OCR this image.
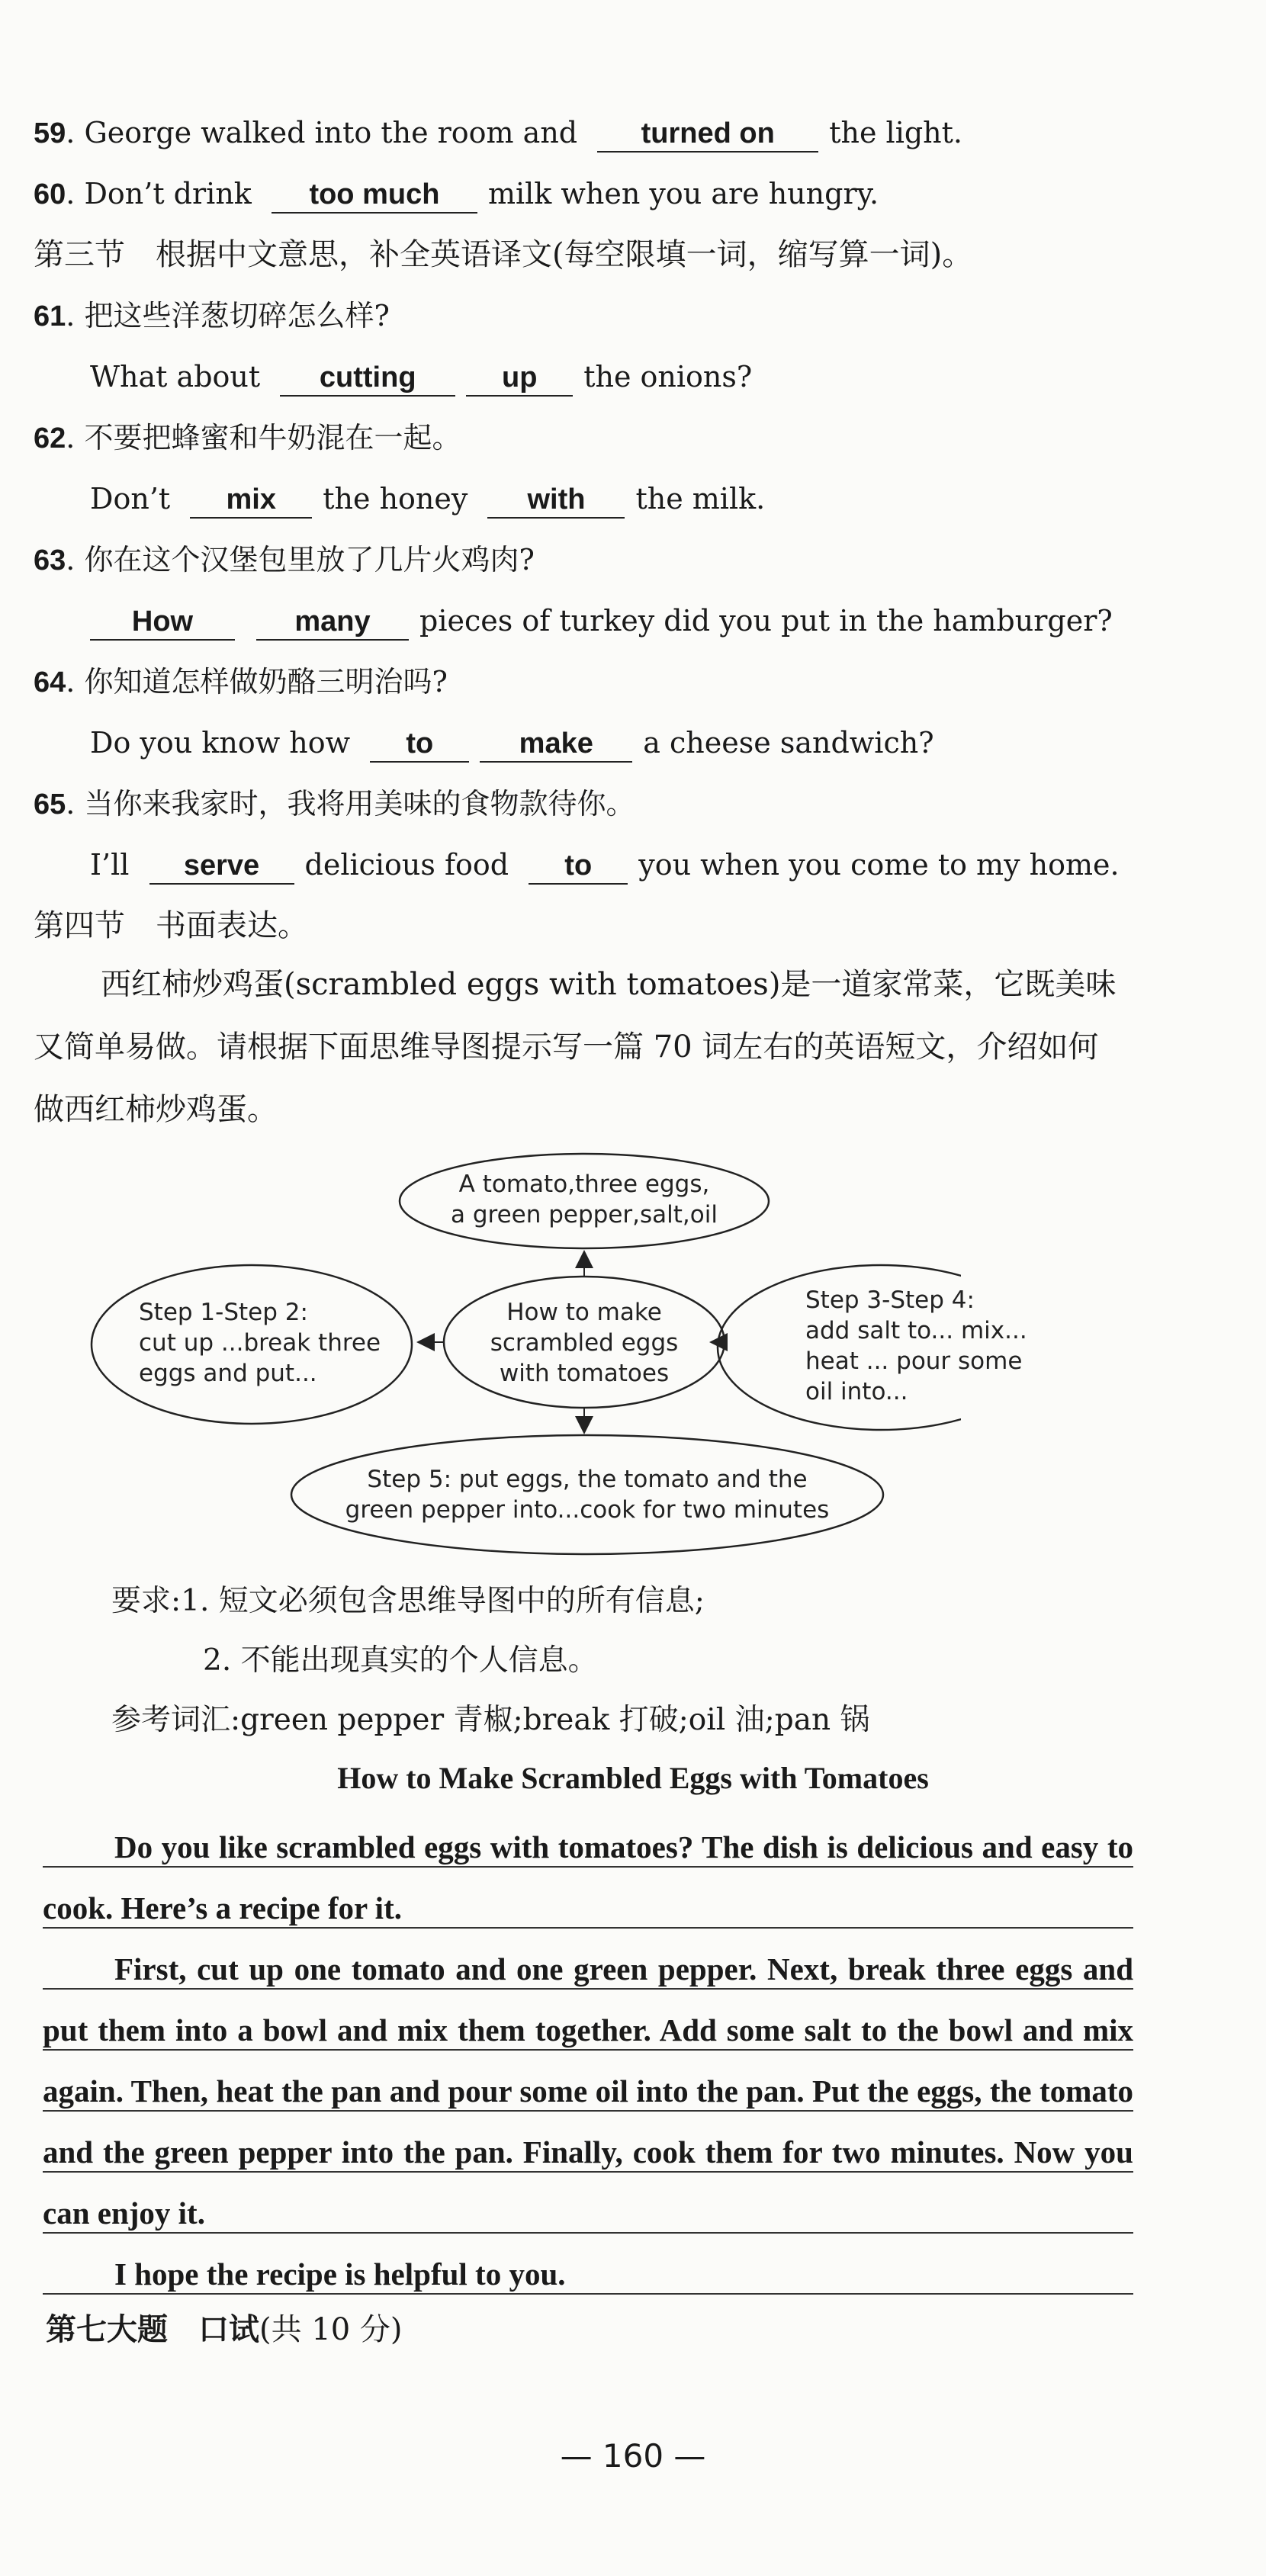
59. George walked into the room and turned on the light.
60. Don’t drink too much milk when you are hungry.
第三节　根据中文意思，补全英语译文(每空限填一词，缩写算一词)。
61. 把这些洋葱切碎怎么样?
What about cutting	up the onions?
62. 不要把蜂蜜和牛奶混在一起。
Don’t mix the honey with the milk.
63. 你在这个汉堡包里放了几片火鸡肉?
How	many pieces of turkey did you put in the hamburger?
64. 你知道怎样做奶酪三明治吗?
Do you know how to	make a cheese sandwich?
65. 当你来我家时，我将用美味的食物款待你。
I’ll serve delicious food to you when you come to my home.
第四节　书面表达。
西红柿炒鸡蛋(scrambled eggs with tomatoes)是一道家常菜，它既美味又简单易做。请根据下面思维导图提示写一篇 70 词左右的英语短文，介绍如何做西红柿炒鸡蛋。
A tomato,three eggs,
a green pepper,salt,oil
Step 1-Step 2:
cut up ...break three
eggs and put...
How to make
scrambled eggs
with tomatoes
Step 3-Step 4:
add salt to... mix...
heat ... pour some
oil into...
Step 5: put eggs, the tomato and the
green pepper into...cook for two minutes
要求:1. 短文必须包含思维导图中的所有信息;
2. 不能出现真实的个人信息。
参考词汇:green pepper 青椒;break 打破;oil 油;pan 锅
How to Make Scrambled Eggs with Tomatoes

Do you like scrambled eggs with tomatoes? The dish is delicious and easy to cook. Here’s a recipe for it.

First, cut up one tomato and one green pepper. Next, break three eggs and put them into a bowl and mix them together. Add some salt to the bowl and mix again. Then, heat the pan and pour some oil into the pan. Put the eggs, the tomato and the green pepper into the pan. Finally, cook them for two minutes. Now you can enjoy it.

I hope the recipe is helpful to you.

第七大题　口试(共 10 分)
— 160 —
